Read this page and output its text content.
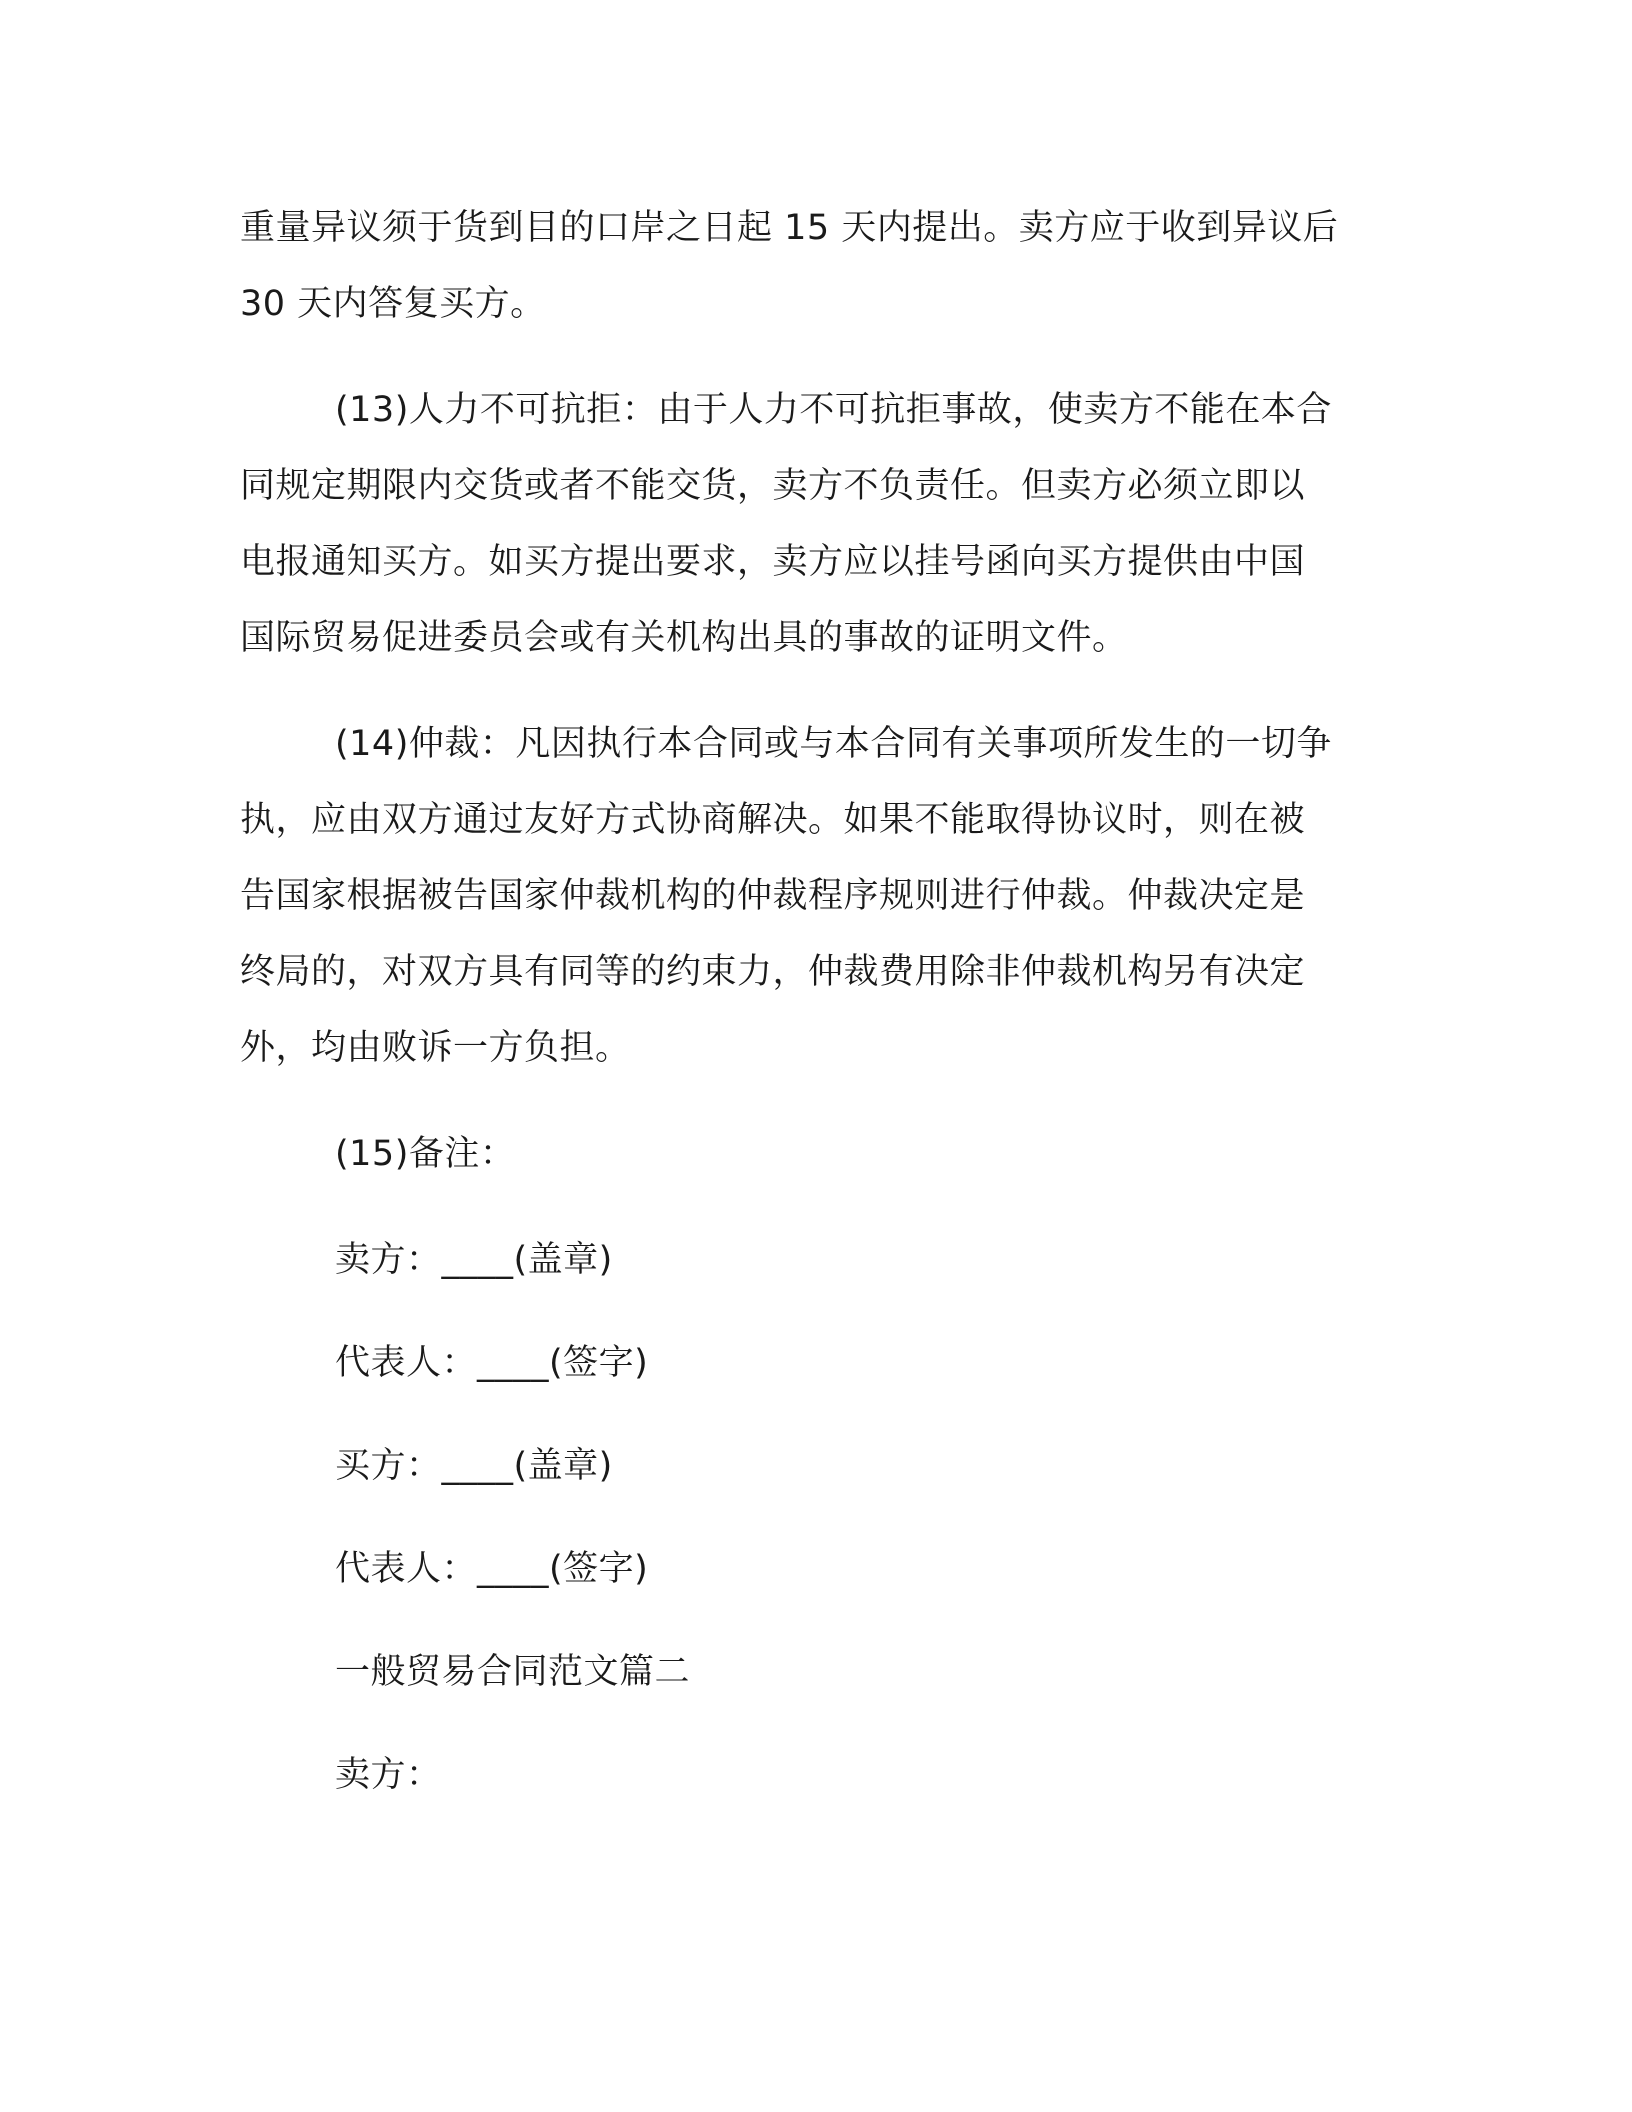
重量异议须于货到目的口岸之日起 15 天内提出。卖方应于收到异议后
30 天内答复买方。

(13)人力不可抗拒：由于人力不可抗拒事故，使卖方不能在本合
同规定期限内交货或者不能交货，卖方不负责任。但卖方必须立即以
电报通知买方。如买方提出要求，卖方应以挂号函向买方提供由中国
国际贸易促进委员会或有关机构出具的事故的证明文件。

(14)仲裁：凡因执行本合同或与本合同有关事项所发生的一切争
执，应由双方通过友好方式协商解决。如果不能取得协议时，则在被
告国家根据被告国家仲裁机构的仲裁程序规则进行仲裁。仲裁决定是
终局的，对双方具有同等的约束力，仲裁费用除非仲裁机构另有决定
外，均由败诉一方负担。

(15)备注：

卖方：____(盖章)

代表人：____(签字)

买方：____(盖章)

代表人：____(签字)

一般贸易合同范文篇二

卖方：
